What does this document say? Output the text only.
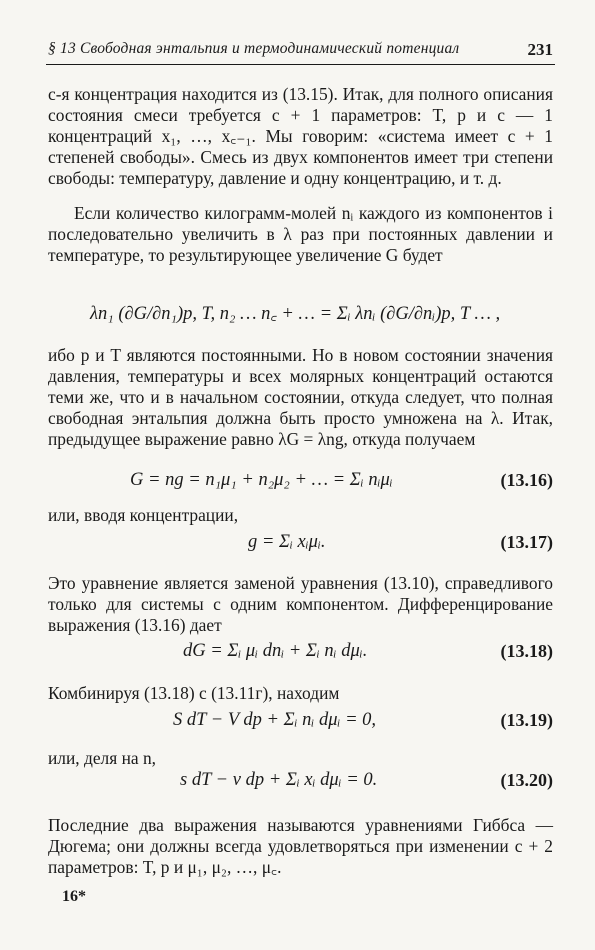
§ 13 Свободная энтальпия и термодинамический потенциал	231

с-я концентрация находится из (13.15). Итак, для полного описания состояния смеси требуется c + 1 параметров: T, p и c — 1 концентраций x₁, …, x꜀₋₁. Мы говорим: «система имеет c + 1 степеней свободы». Смесь из двух компонентов имеет три степени свободы: температуру, давление и одну концентрацию, и т. д.

Если количество килограмм-молей nᵢ каждого из компонентов i последовательно увеличить в λ раз при постоянных давлении и температуре, то результирующее увеличение G будет

λn₁ (∂G/∂n₁)p, T, n₂ … n꜀ + … = Σᵢ λnᵢ (∂G/∂nᵢ)p, T … ,

ибо p и T являются постоянными. Но в новом состоянии значения давления, температуры и всех молярных концентраций остаются теми же, что и в начальном состоянии, откуда следует, что полная свободная энтальпия должна быть просто умножена на λ. Итак, предыдущее выражение равно λG = λng, откуда получаем

G = ng = n₁μ₁ + n₂μ₂ + … = Σᵢ nᵢμᵢ	(13.16)

или, вводя концентрации,

g = Σᵢ xᵢμᵢ.	(13.17)

Это уравнение является заменой уравнения (13.10), справедливого только для системы с одним компонентом. Дифференцирование выражения (13.16) дает

dG = Σᵢ μᵢ dnᵢ + Σᵢ nᵢ dμᵢ.	(13.18)

Комбинируя (13.18) с (13.11г), находим

S dT − V dp + Σᵢ nᵢ dμᵢ = 0,	(13.19)

или, деля на n,

s dT − v dp + Σᵢ xᵢ dμᵢ = 0.	(13.20)

Последние два выражения называются уравнениями Гиббса — Дюгема; они должны всегда удовлетворяться при изменении c + 2 параметров: T, p и μ₁, μ₂, …, μ꜀.

16*
